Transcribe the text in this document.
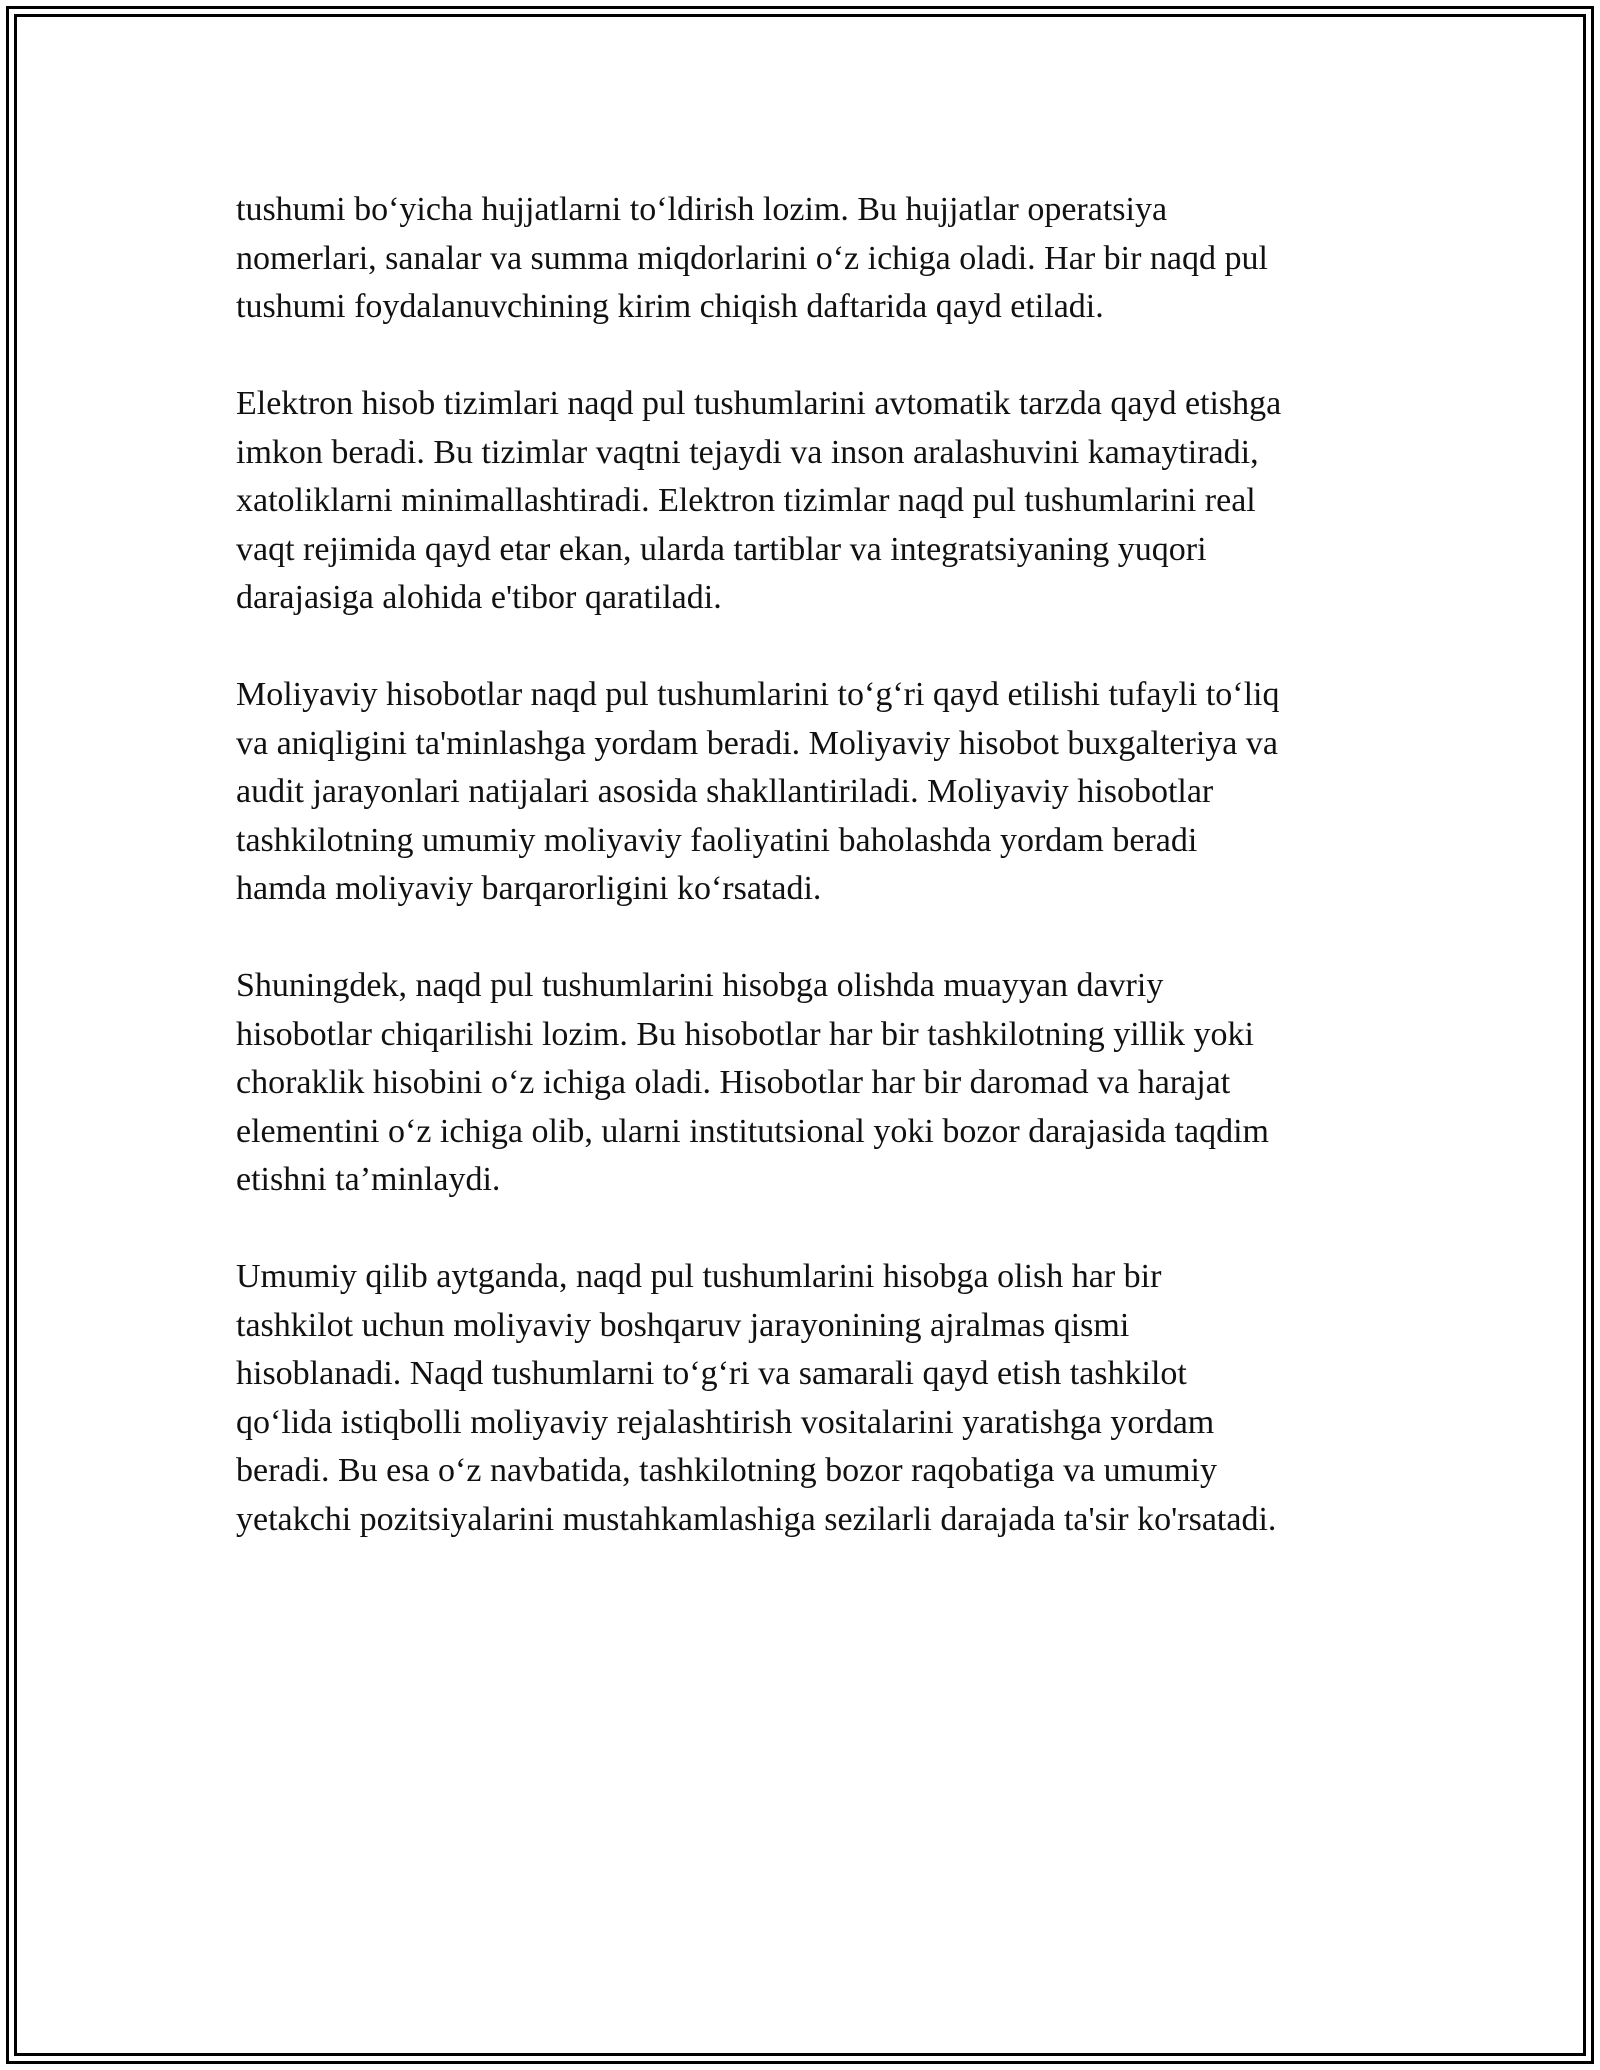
tushumi bo‘yicha hujjatlarni to‘ldirish lozim. Bu hujjatlar operatsiya
nomerlari, sanalar va summa miqdorlarini o‘z ichiga oladi. Har bir naqd pul
tushumi foydalanuvchining kirim chiqish daftarida qayd etiladi.

Elektron hisob tizimlari naqd pul tushumlarini avtomatik tarzda qayd etishga
imkon beradi. Bu tizimlar vaqtni tejaydi va inson aralashuvini kamaytiradi,
xatoliklarni minimallashtiradi. Elektron tizimlar naqd pul tushumlarini real
vaqt rejimida qayd etar ekan, ularda tartiblar va integratsiyaning yuqori
darajasiga alohida e'tibor qaratiladi.

Moliyaviy hisobotlar naqd pul tushumlarini to‘g‘ri qayd etilishi tufayli to‘liq
va aniqligini ta'minlashga yordam beradi. Moliyaviy hisobot buxgalteriya va
audit jarayonlari natijalari asosida shakllantiriladi. Moliyaviy hisobotlar
tashkilotning umumiy moliyaviy faoliyatini baholashda yordam beradi
hamda moliyaviy barqarorligini ko‘rsatadi.

Shuningdek, naqd pul tushumlarini hisobga olishda muayyan davriy
hisobotlar chiqarilishi lozim. Bu hisobotlar har bir tashkilotning yillik yoki
choraklik hisobini o‘z ichiga oladi. Hisobotlar har bir daromad va harajat
elementini o‘z ichiga olib, ularni institutsional yoki bozor darajasida taqdim
etishni ta’minlaydi.

Umumiy qilib aytganda, naqd pul tushumlarini hisobga olish har bir
tashkilot uchun moliyaviy boshqaruv jarayonining ajralmas qismi
hisoblanadi. Naqd tushumlarni to‘g‘ri va samarali qayd etish tashkilot
qo‘lida istiqbolli moliyaviy rejalashtirish vositalarini yaratishga yordam
beradi. Bu esa o‘z navbatida, tashkilotning bozor raqobatiga va umumiy
yetakchi pozitsiyalarini mustahkamlashiga sezilarli darajada ta'sir ko'rsatadi.
